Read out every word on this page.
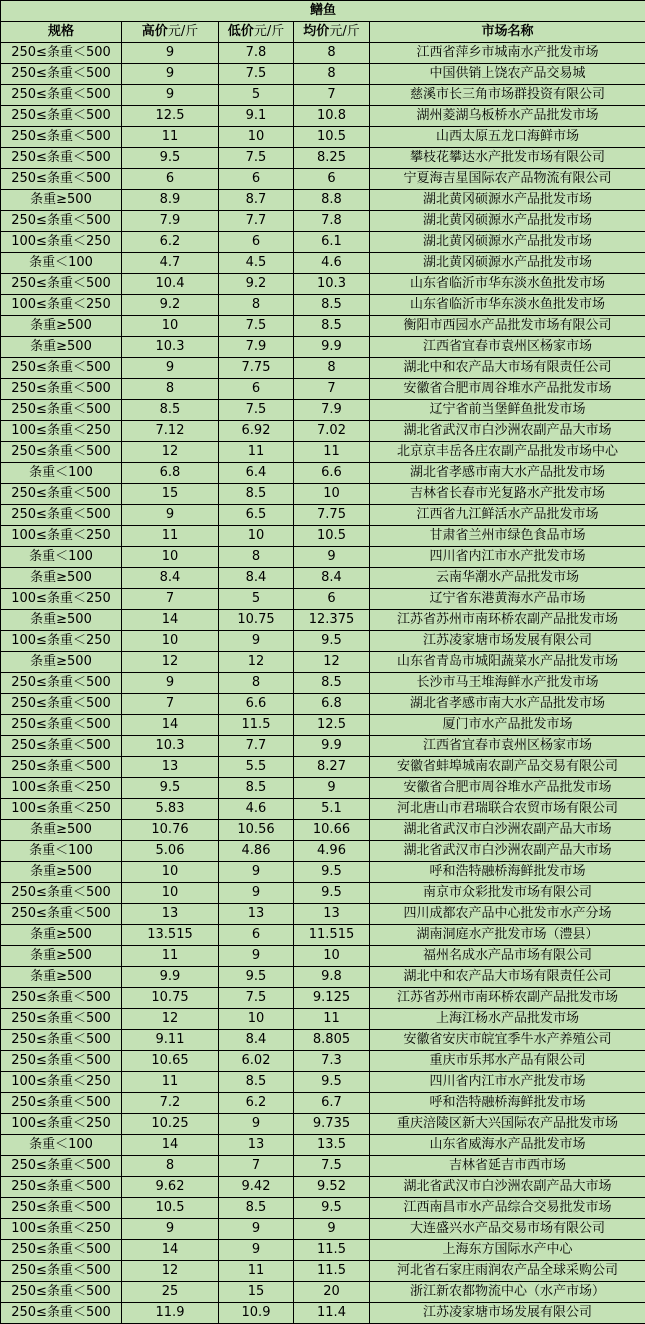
鳝鱼				
规格	高价元/斤	低价元/斤	均价元/斤	市场名称
250≤条重＜500	9	7.8	8	江西省萍乡市城南水产批发市场
250≤条重＜500	9	7.5	8	中国供销上饶农产品交易城
250≤条重＜500	9	5	7	慈溪市长三角市场群投资有限公司
250≤条重＜500	12.5	9.1	10.8	湖州菱湖乌板桥水产品批发市场
250≤条重＜500	11	10	10.5	山西太原五龙口海鲜市场
250≤条重＜500	9.5	7.5	8.25	攀枝花攀达水产批发市场有限公司
250≤条重＜500	6	6	6	宁夏海吉星国际农产品物流有限公司
条重≥500	8.9	8.7	8.8	湖北黄冈硕源水产品批发市场
250≤条重＜500	7.9	7.7	7.8	湖北黄冈硕源水产品批发市场
100≤条重＜250	6.2	6	6.1	湖北黄冈硕源水产品批发市场
条重＜100	4.7	4.5	4.6	湖北黄冈硕源水产品批发市场
250≤条重＜500	10.4	9.2	10.3	山东省临沂市华东淡水鱼批发市场
100≤条重＜250	9.2	8	8.5	山东省临沂市华东淡水鱼批发市场
条重≥500	10	7.5	8.5	衡阳市西园水产品批发市场有限公司
条重≥500	10.3	7.9	9.9	江西省宜春市袁州区杨家市场
250≤条重＜500	9	7.75	8	湖北中和农产品大市场有限责任公司
250≤条重＜500	8	6	7	安徽省合肥市周谷堆水产品批发市场
250≤条重＜500	8.5	7.5	7.9	辽宁省前当堡鲜鱼批发市场
100≤条重＜250	7.12	6.92	7.02	湖北省武汉市白沙洲农副产品大市场
250≤条重＜500	12	11	11	北京京丰岳各庄农副产品批发市场中心
条重＜100	6.8	6.4	6.6	湖北省孝感市南大水产品批发市场
250≤条重＜500	15	8.5	10	吉林省长春市光复路水产批发市场
250≤条重＜500	9	6.5	7.75	江西省九江鲜活水产品批发市场
100≤条重＜250	11	10	10.5	甘肃省兰州市绿色食品市场
条重＜100	10	8	9	四川省内江市水产批发市场
条重≥500	8.4	8.4	8.4	云南华潮水产品批发市场
100≤条重＜250	7	5	6	辽宁省东港黄海水产品市场
条重≥500	14	10.75	12.375	江苏省苏州市南环桥农副产品批发市场
100≤条重＜250	10	9	9.5	江苏凌家塘市场发展有限公司
条重≥500	12	12	12	山东省青岛市城阳蔬菜水产品批发市场
250≤条重＜500	9	8	8.5	长沙市马王堆海鲜水产批发市场
250≤条重＜500	7	6.6	6.8	湖北省孝感市南大水产品批发市场
250≤条重＜500	14	11.5	12.5	厦门市水产品批发市场
250≤条重＜500	10.3	7.7	9.9	江西省宜春市袁州区杨家市场
250≤条重＜500	13	5.5	8.27	安徽省蚌埠城南农副产品交易有限公司
100≤条重＜250	9.5	8.5	9	安徽省合肥市周谷堆水产品批发市场
100≤条重＜250	5.83	4.6	5.1	河北唐山市君瑞联合农贸市场有限公司
条重≥500	10.76	10.56	10.66	湖北省武汉市白沙洲农副产品大市场
条重＜100	5.06	4.86	4.96	湖北省武汉市白沙洲农副产品大市场
条重≥500	10	9	9.5	呼和浩特融桥海鲜批发市场
250≤条重＜500	10	9	9.5	南京市众彩批发市场有限公司
250≤条重＜500	13	13	13	四川成都农产品中心批发市水产分场
条重≥500	13.515	6	11.515	湖南洞庭水产批发市场（澧县）
条重≥500	11	9	10	福州名成水产品市场有限公司
条重≥500	9.9	9.5	9.8	湖北中和农产品大市场有限责任公司
250≤条重＜500	10.75	7.5	9.125	江苏省苏州市南环桥农副产品批发市场
250≤条重＜500	12	10	11	上海江杨水产品批发市场
250≤条重＜500	9.11	8.4	8.805	安徽省安庆市皖宜季牛水产养殖公司
250≤条重＜500	10.65	6.02	7.3	重庆市乐邦水产品有限公司
100≤条重＜250	11	8.5	9.5	四川省内江市水产批发市场
250≤条重＜500	7.2	6.2	6.7	呼和浩特融桥海鲜批发市场
100≤条重＜250	10.25	9	9.735	重庆涪陵区新大兴国际农产品批发市场
条重＜100	14	13	13.5	山东省威海水产品批发市场
250≤条重＜500	8	7	7.5	吉林省延吉市西市场
250≤条重＜500	9.62	9.42	9.52	湖北省武汉市白沙洲农副产品大市场
250≤条重＜500	10.5	8.5	9.5	江西南昌市水产品综合交易批发市场
100≤条重＜250	9	9	9	大连盛兴水产品交易市场有限公司
250≤条重＜500	14	9	11.5	上海东方国际水产中心
250≤条重＜500	12	11	11.5	河北省石家庄雨润农产品全球采购公司
250≤条重＜500	25	15	20	浙江新农都物流中心（水产市场）
250≤条重＜500	11.9	10.9	11.4	江苏凌家塘市场发展有限公司
